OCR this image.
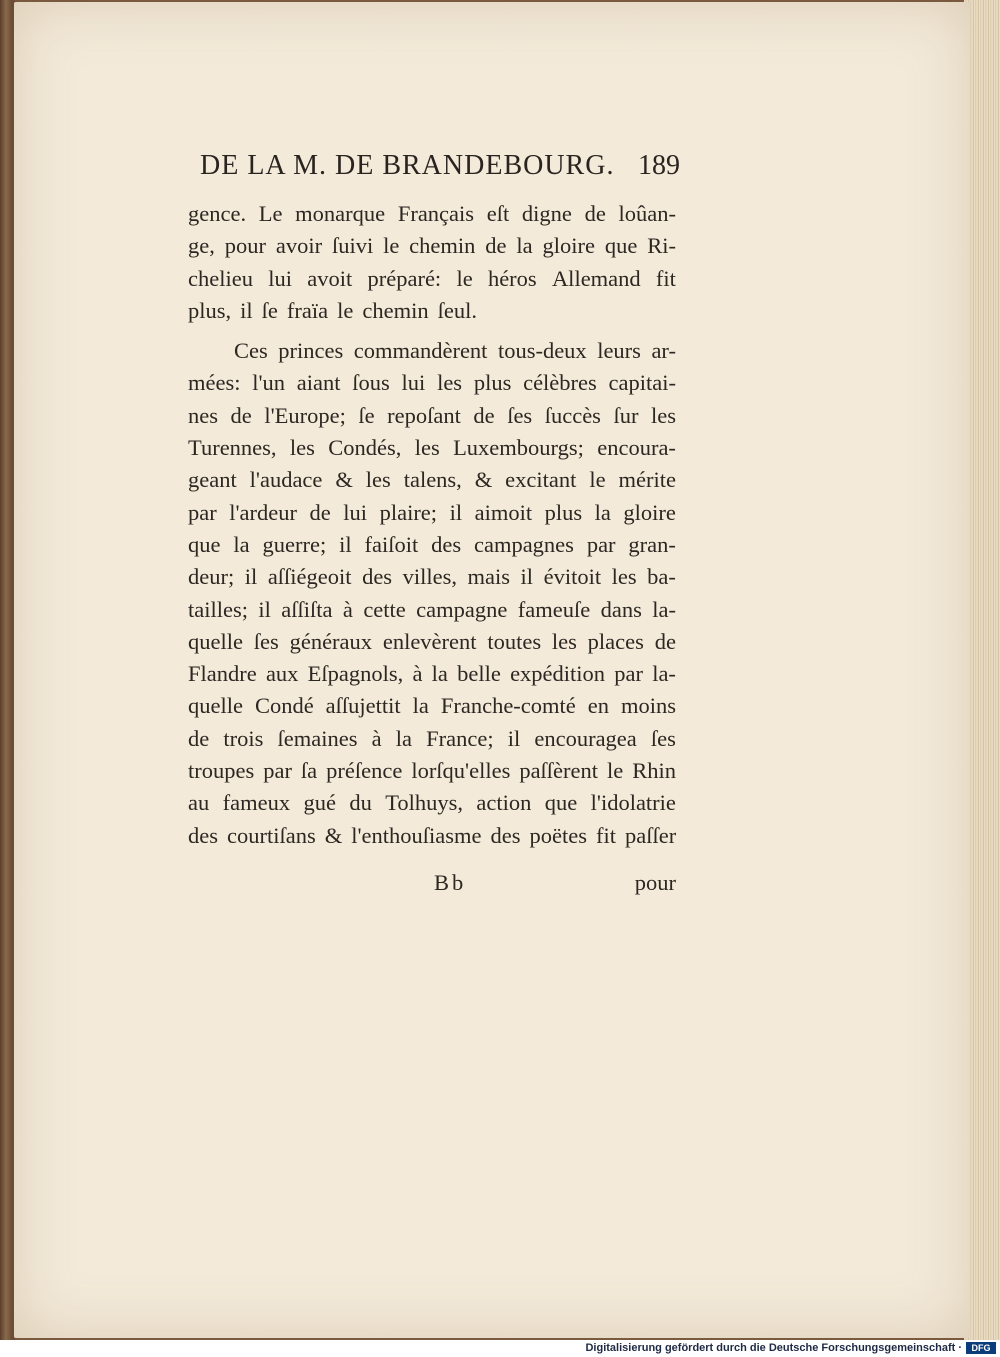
DE LA M. DE BRANDEBOURG. 189
gence. Le monarque Français eſt digne de loûan-
ge, pour avoir ſuivi le chemin de la gloire que Ri-
chelieu lui avoit préparé: le héros Allemand fit
plus, il ſe fraïa le chemin ſeul.
Ces princes commandèrent tous-deux leurs ar-
mées: l'un aiant ſous lui les plus célèbres capitai-
nes de l'Europe; ſe repoſant de ſes ſuccès ſur les
Turennes, les Condés, les Luxembourgs; encoura-
geant l'audace & les talens, & excitant le mérite
par l'ardeur de lui plaire; il aimoit plus la gloire
que la guerre; il faiſoit des campagnes par gran-
deur; il aſſiégeoit des villes, mais il évitoit les ba-
tailles; il aſſiſta à cette campagne fameuſe dans la-
quelle ſes généraux enlevèrent toutes les places de
Flandre aux Eſpagnols, à la belle expédition par la-
quelle Condé aſſujettit la Franche-comté en moins
de trois ſemaines à la France; il encouragea ſes
troupes par ſa préſence lorſqu'elles paſſèrent le Rhin
au fameux gué du Tolhuys, action que l'idolatrie
des courtiſans & l'enthouſiasme des poëtes fit paſſer
Bb	pour
Digitalisierung gefördert durch die Deutsche Forschungsgemeinschaft ·	DFG
